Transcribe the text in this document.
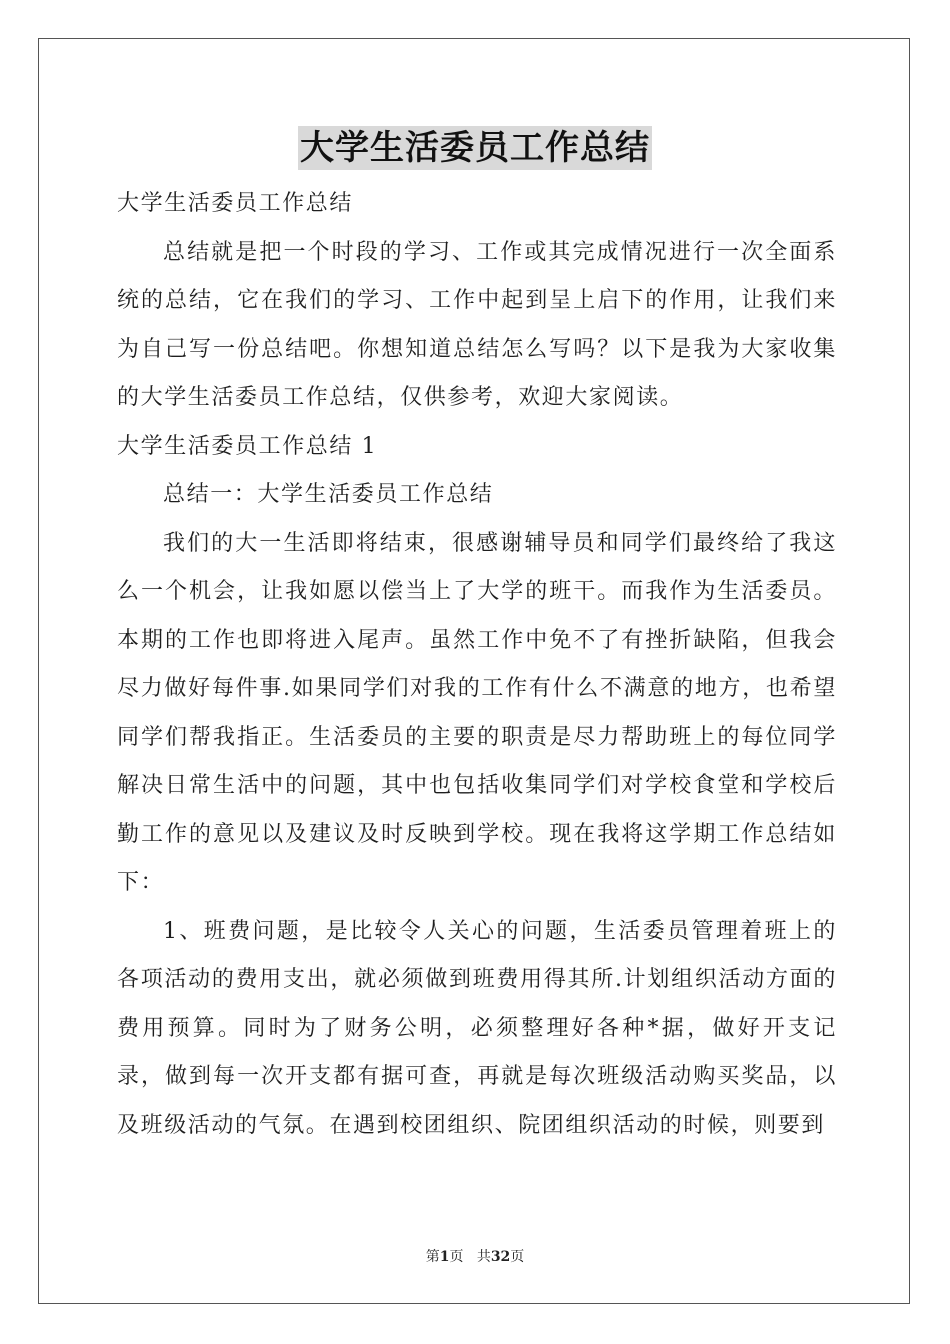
大学生活委员工作总结

大学生活委员工作总结

总结就是把一个时段的学习、工作或其完成情况进行一次全面系统的总结，它在我们的学习、工作中起到呈上启下的作用，让我们来为自己写一份总结吧。你想知道总结怎么写吗？以下是我为大家收集的大学生活委员工作总结，仅供参考，欢迎大家阅读。

大学生活委员工作总结 1

总结一：大学生活委员工作总结

我们的大一生活即将结束，很感谢辅导员和同学们最终给了我这么一个机会，让我如愿以偿当上了大学的班干。而我作为生活委员。本期的工作也即将进入尾声。虽然工作中免不了有挫折缺陷，但我会尽力做好每件事.如果同学们对我的工作有什么不满意的地方，也希望同学们帮我指正。生活委员的主要的职责是尽力帮助班上的每位同学解决日常生活中的问题，其中也包括收集同学们对学校食堂和学校后勤工作的意见以及建议及时反映到学校。现在我将这学期工作总结如下：

1、班费问题，是比较令人关心的问题，生活委员管理着班上的各项活动的费用支出，就必须做到班费用得其所.计划组织活动方面的费用预算。同时为了财务公明，必须整理好各种*据，做好开支记录，做到每一次开支都有据可查，再就是每次班级活动购买奖品，以及班级活动的气氛。在遇到校团组织、院团组织活动的时候，则要到

第1页 共32页
